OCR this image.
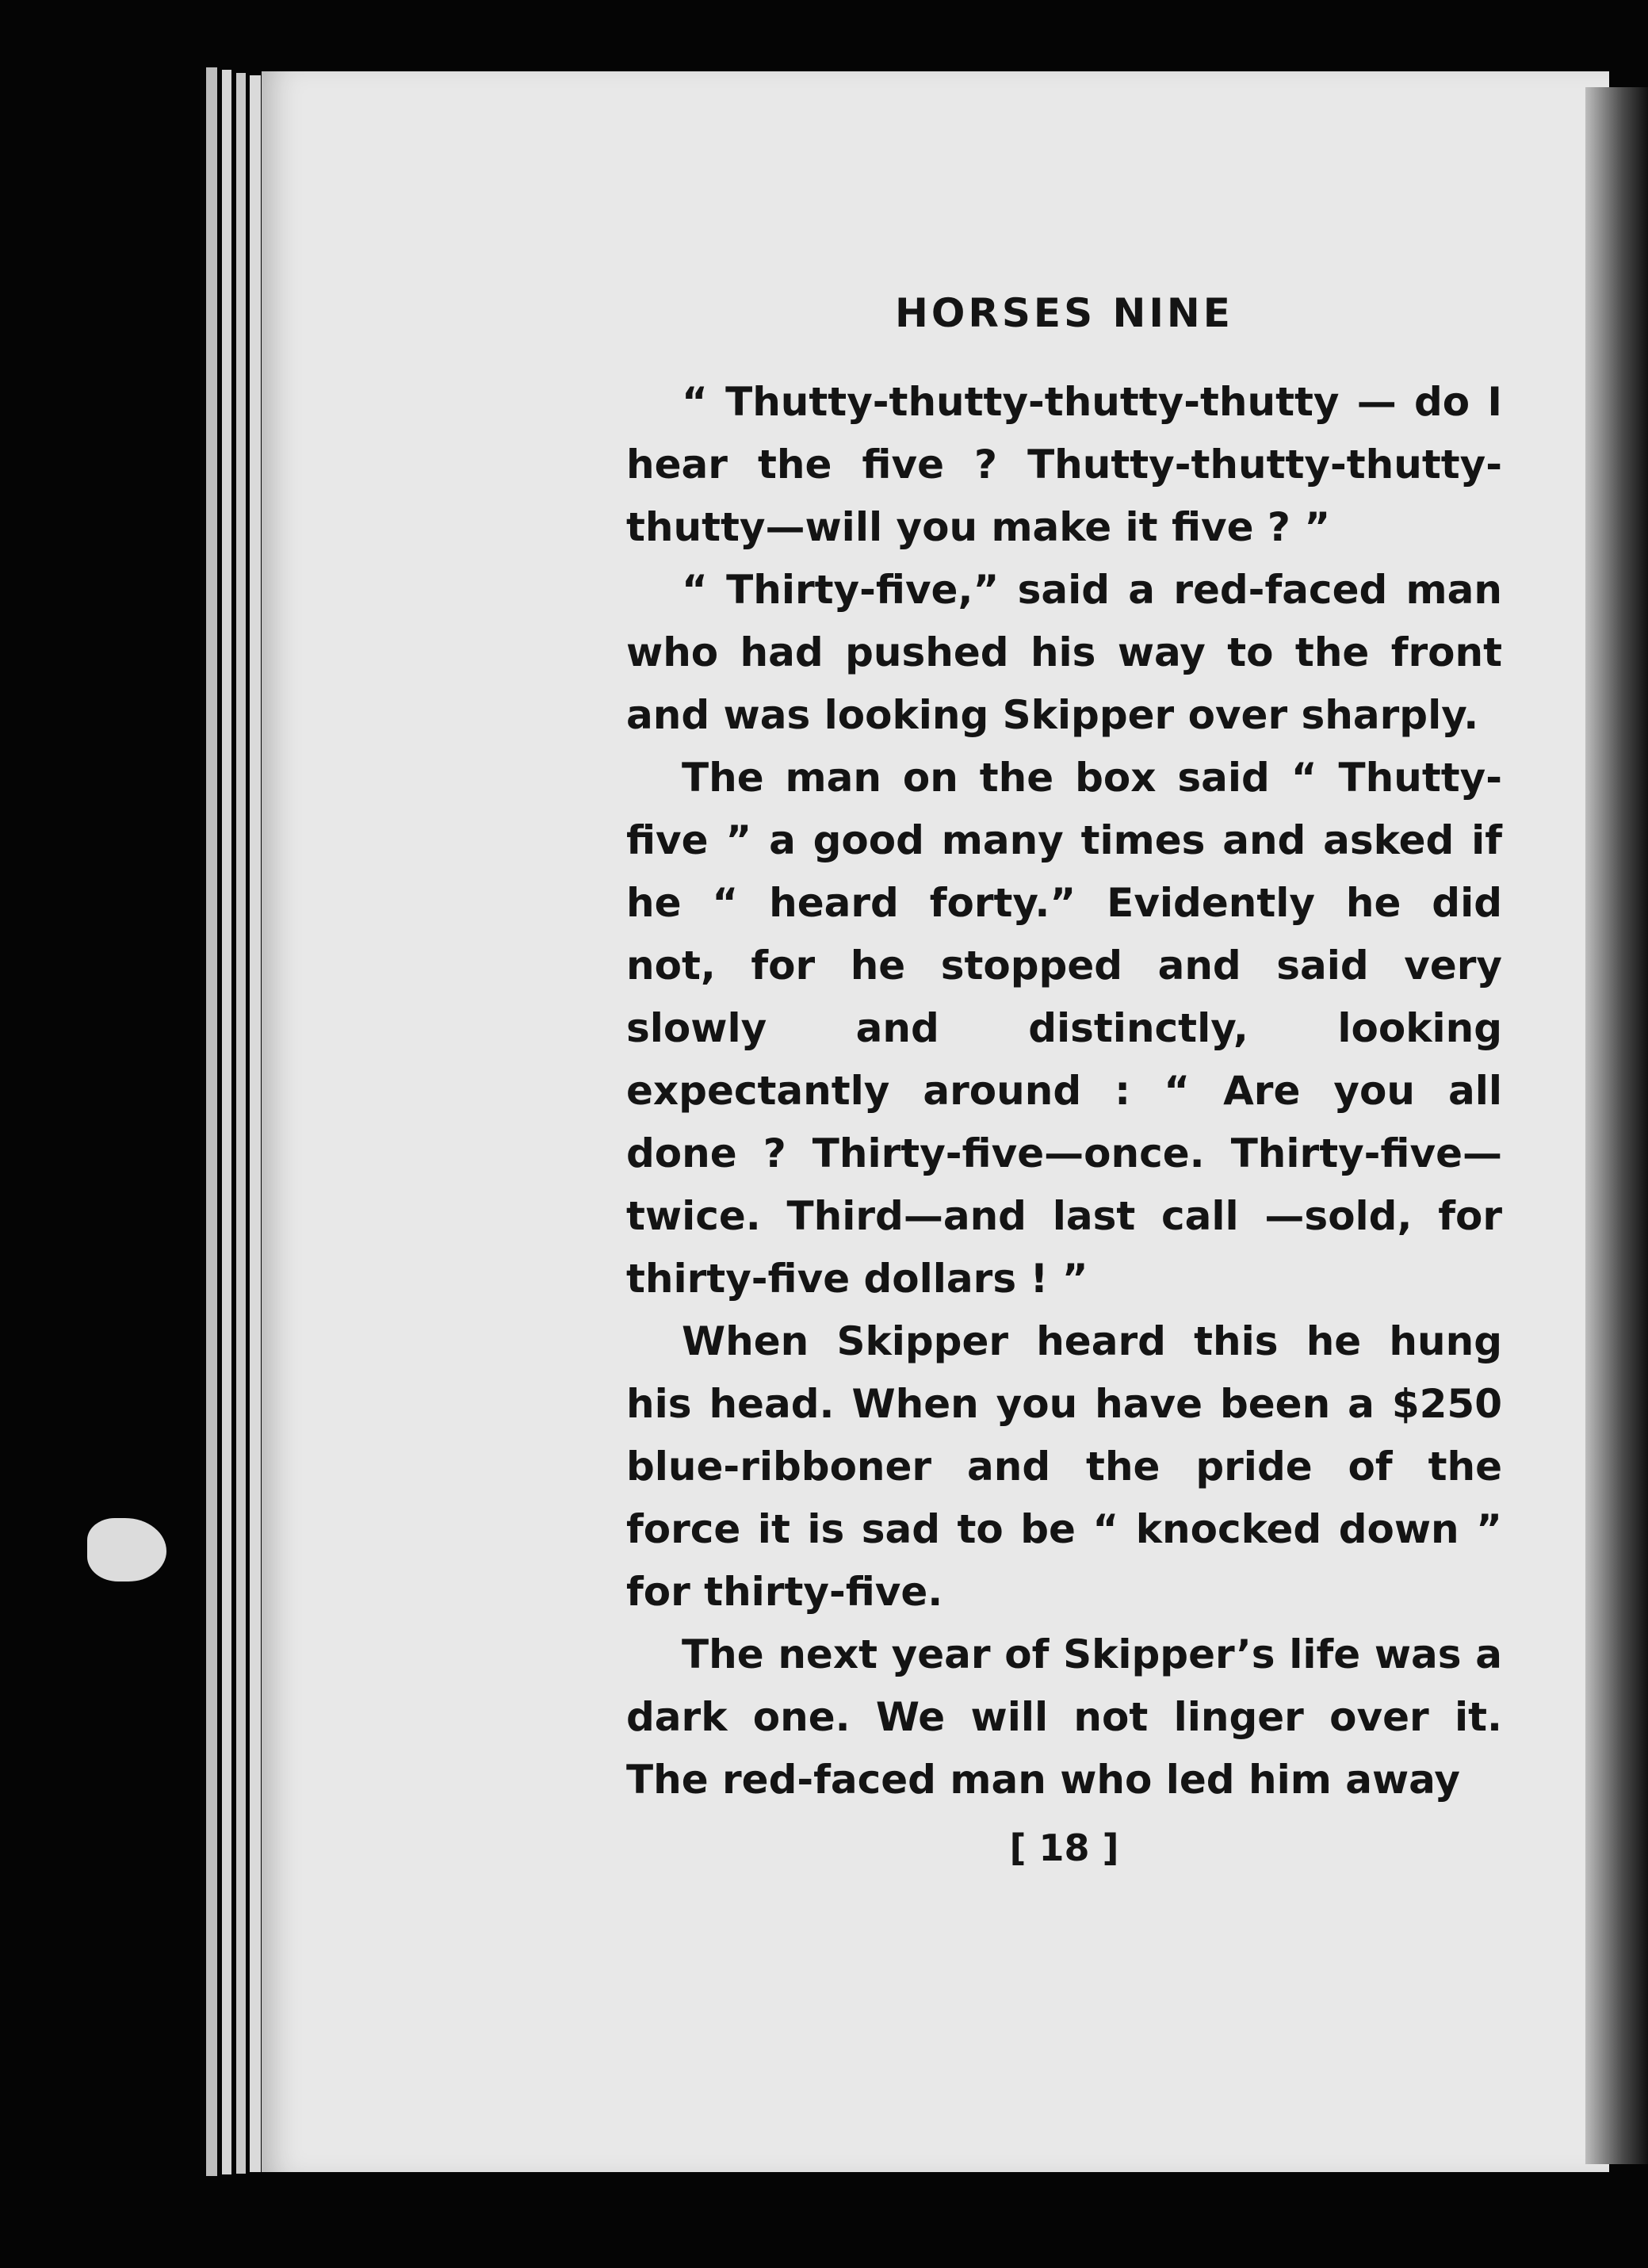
HORSES NINE

“ Thutty-thutty-thutty-thutty — do I hear the five ? Thutty-thutty-thutty-thutty—will you make it five ? ”

“ Thirty-five,” said a red-faced man who had pushed his way to the front and was looking Skipper over sharply.

The man on the box said “ Thutty-five ” a good many times and asked if he “ heard forty.” Evidently he did not, for he stopped and said very slowly and distinctly, looking expectantly around : “ Are you all done ? Thirty-five—once. Thirty-five—twice. Third—and last call —sold, for thirty-five dollars ! ”

When Skipper heard this he hung his head. When you have been a $250 blue-ribboner and the pride of the force it is sad to be “ knocked down ” for thirty-five.

The next year of Skipper’s life was a dark one. We will not linger over it. The red-faced man who led him away

[ 18 ]
